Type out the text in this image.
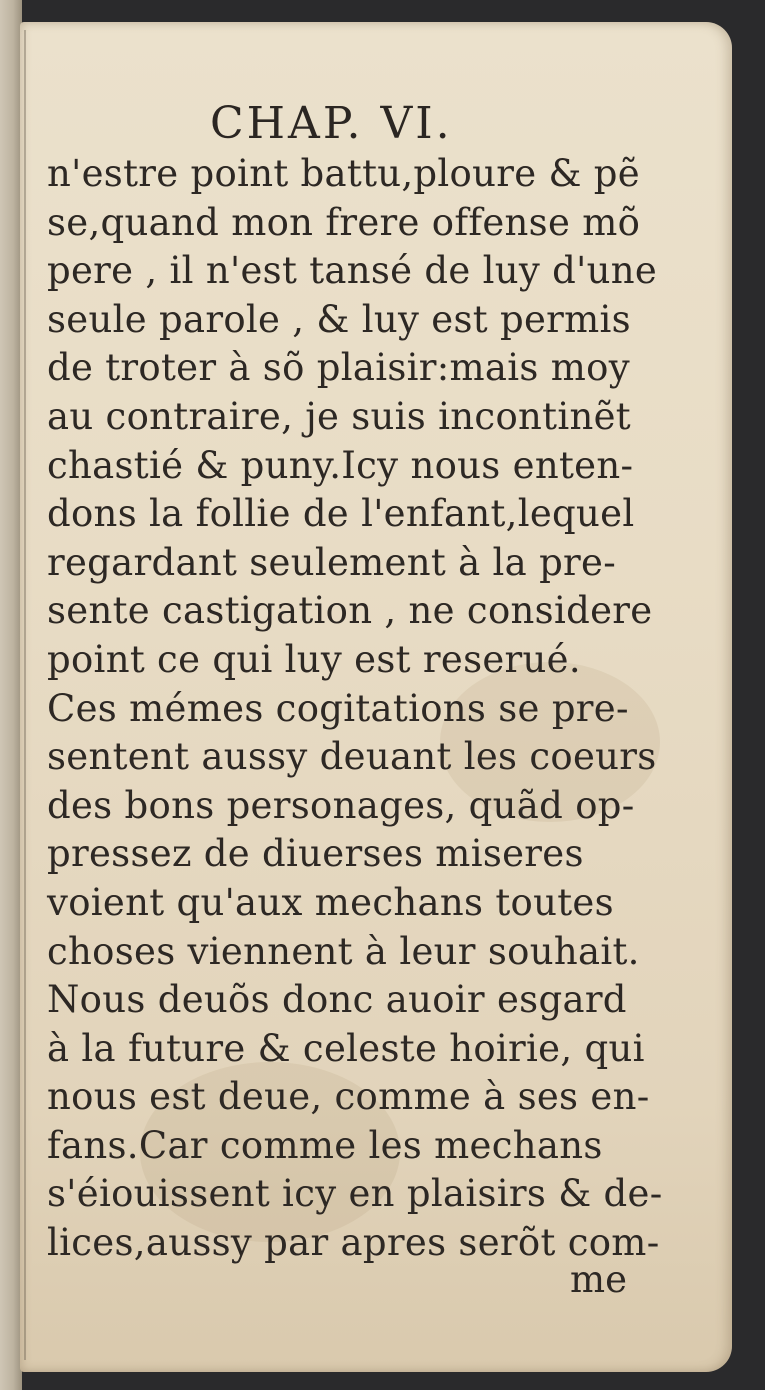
CHAP. VI.
n'estre point battu,ploure & pẽ
se,quand mon frere offense mõ
pere , il n'est tansé de luy d'une
seule parole , & luy est permis
de troter à sõ plaisir:mais moy
au contraire, je suis incontinẽt
chastié & puny.Icy nous enten-
dons la follie de l'enfant,lequel
regardant seulement à la pre-
sente castigation , ne considere
point ce qui luy est reserué.
Ces mémes cogitations se pre-
sentent aussy deuant les coeurs
des bons personages, quãd op-
pressez de diuerses miseres
voient qu'aux mechans toutes
choses viennent à leur souhait.
Nous deuõs donc auoir esgard
à la future & celeste hoirie, qui
nous est deue, comme à ses en-
fans.Car comme les mechans
s'éiouissent icy en plaisirs & de-
lices,aussy par apres serõt com-
me
